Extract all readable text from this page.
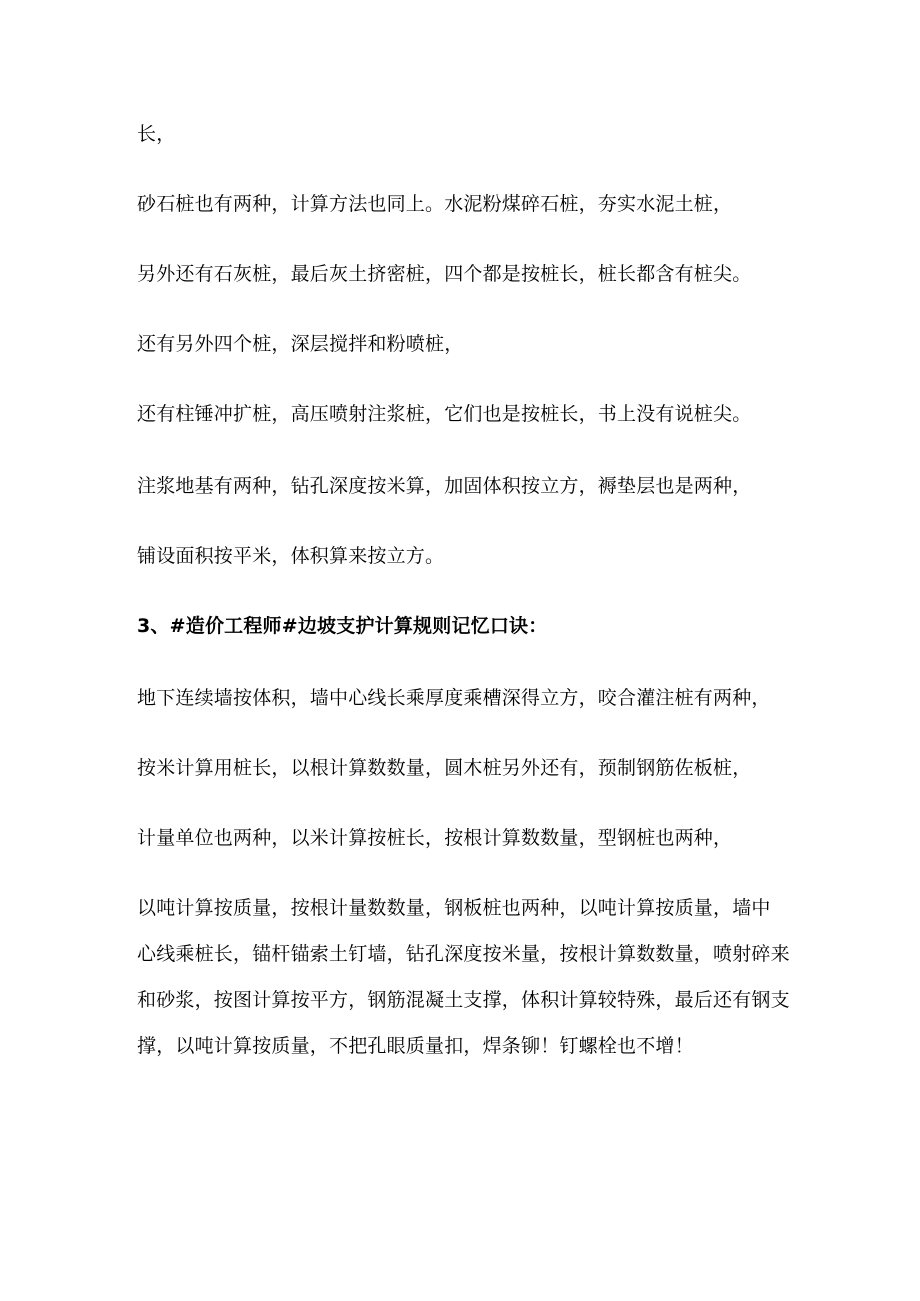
长，
砂石桩也有两种，计算方法也同上。水泥粉煤碎石桩，夯实水泥土桩，
另外还有石灰桩，最后灰土挤密桩，四个都是按桩长，桩长都含有桩尖。
还有另外四个桩，深层搅拌和粉喷桩，
还有柱锤冲扩桩，高压喷射注浆桩，它们也是按桩长，书上没有说桩尖。
注浆地基有两种，钻孔深度按米算，加固体积按立方，褥垫层也是两种，
铺设面积按平米，体积算来按立方。
3、#造价工程师#边坡支护计算规则记忆口诀：
地下连续墙按体积，墙中心线长乘厚度乘槽深得立方，咬合灌注桩有两种，
按米计算用桩长，以根计算数数量，圆木桩另外还有，预制钢筋佐板桩，
计量单位也两种，以米计算按桩长，按根计算数数量，型钢桩也两种，
以吨计算按质量，按根计量数数量，钢板桩也两种，以吨计算按质量，墙中
心线乘桩长，锚杆锚索土钉墙，钻孔深度按米量，按根计算数数量，喷射碎来
和砂浆，按图计算按平方，钢筋混凝土支撑，体积计算较特殊，最后还有钢支
撑，以吨计算按质量，不把孔眼质量扣，焊条铆！钉螺栓也不增！
